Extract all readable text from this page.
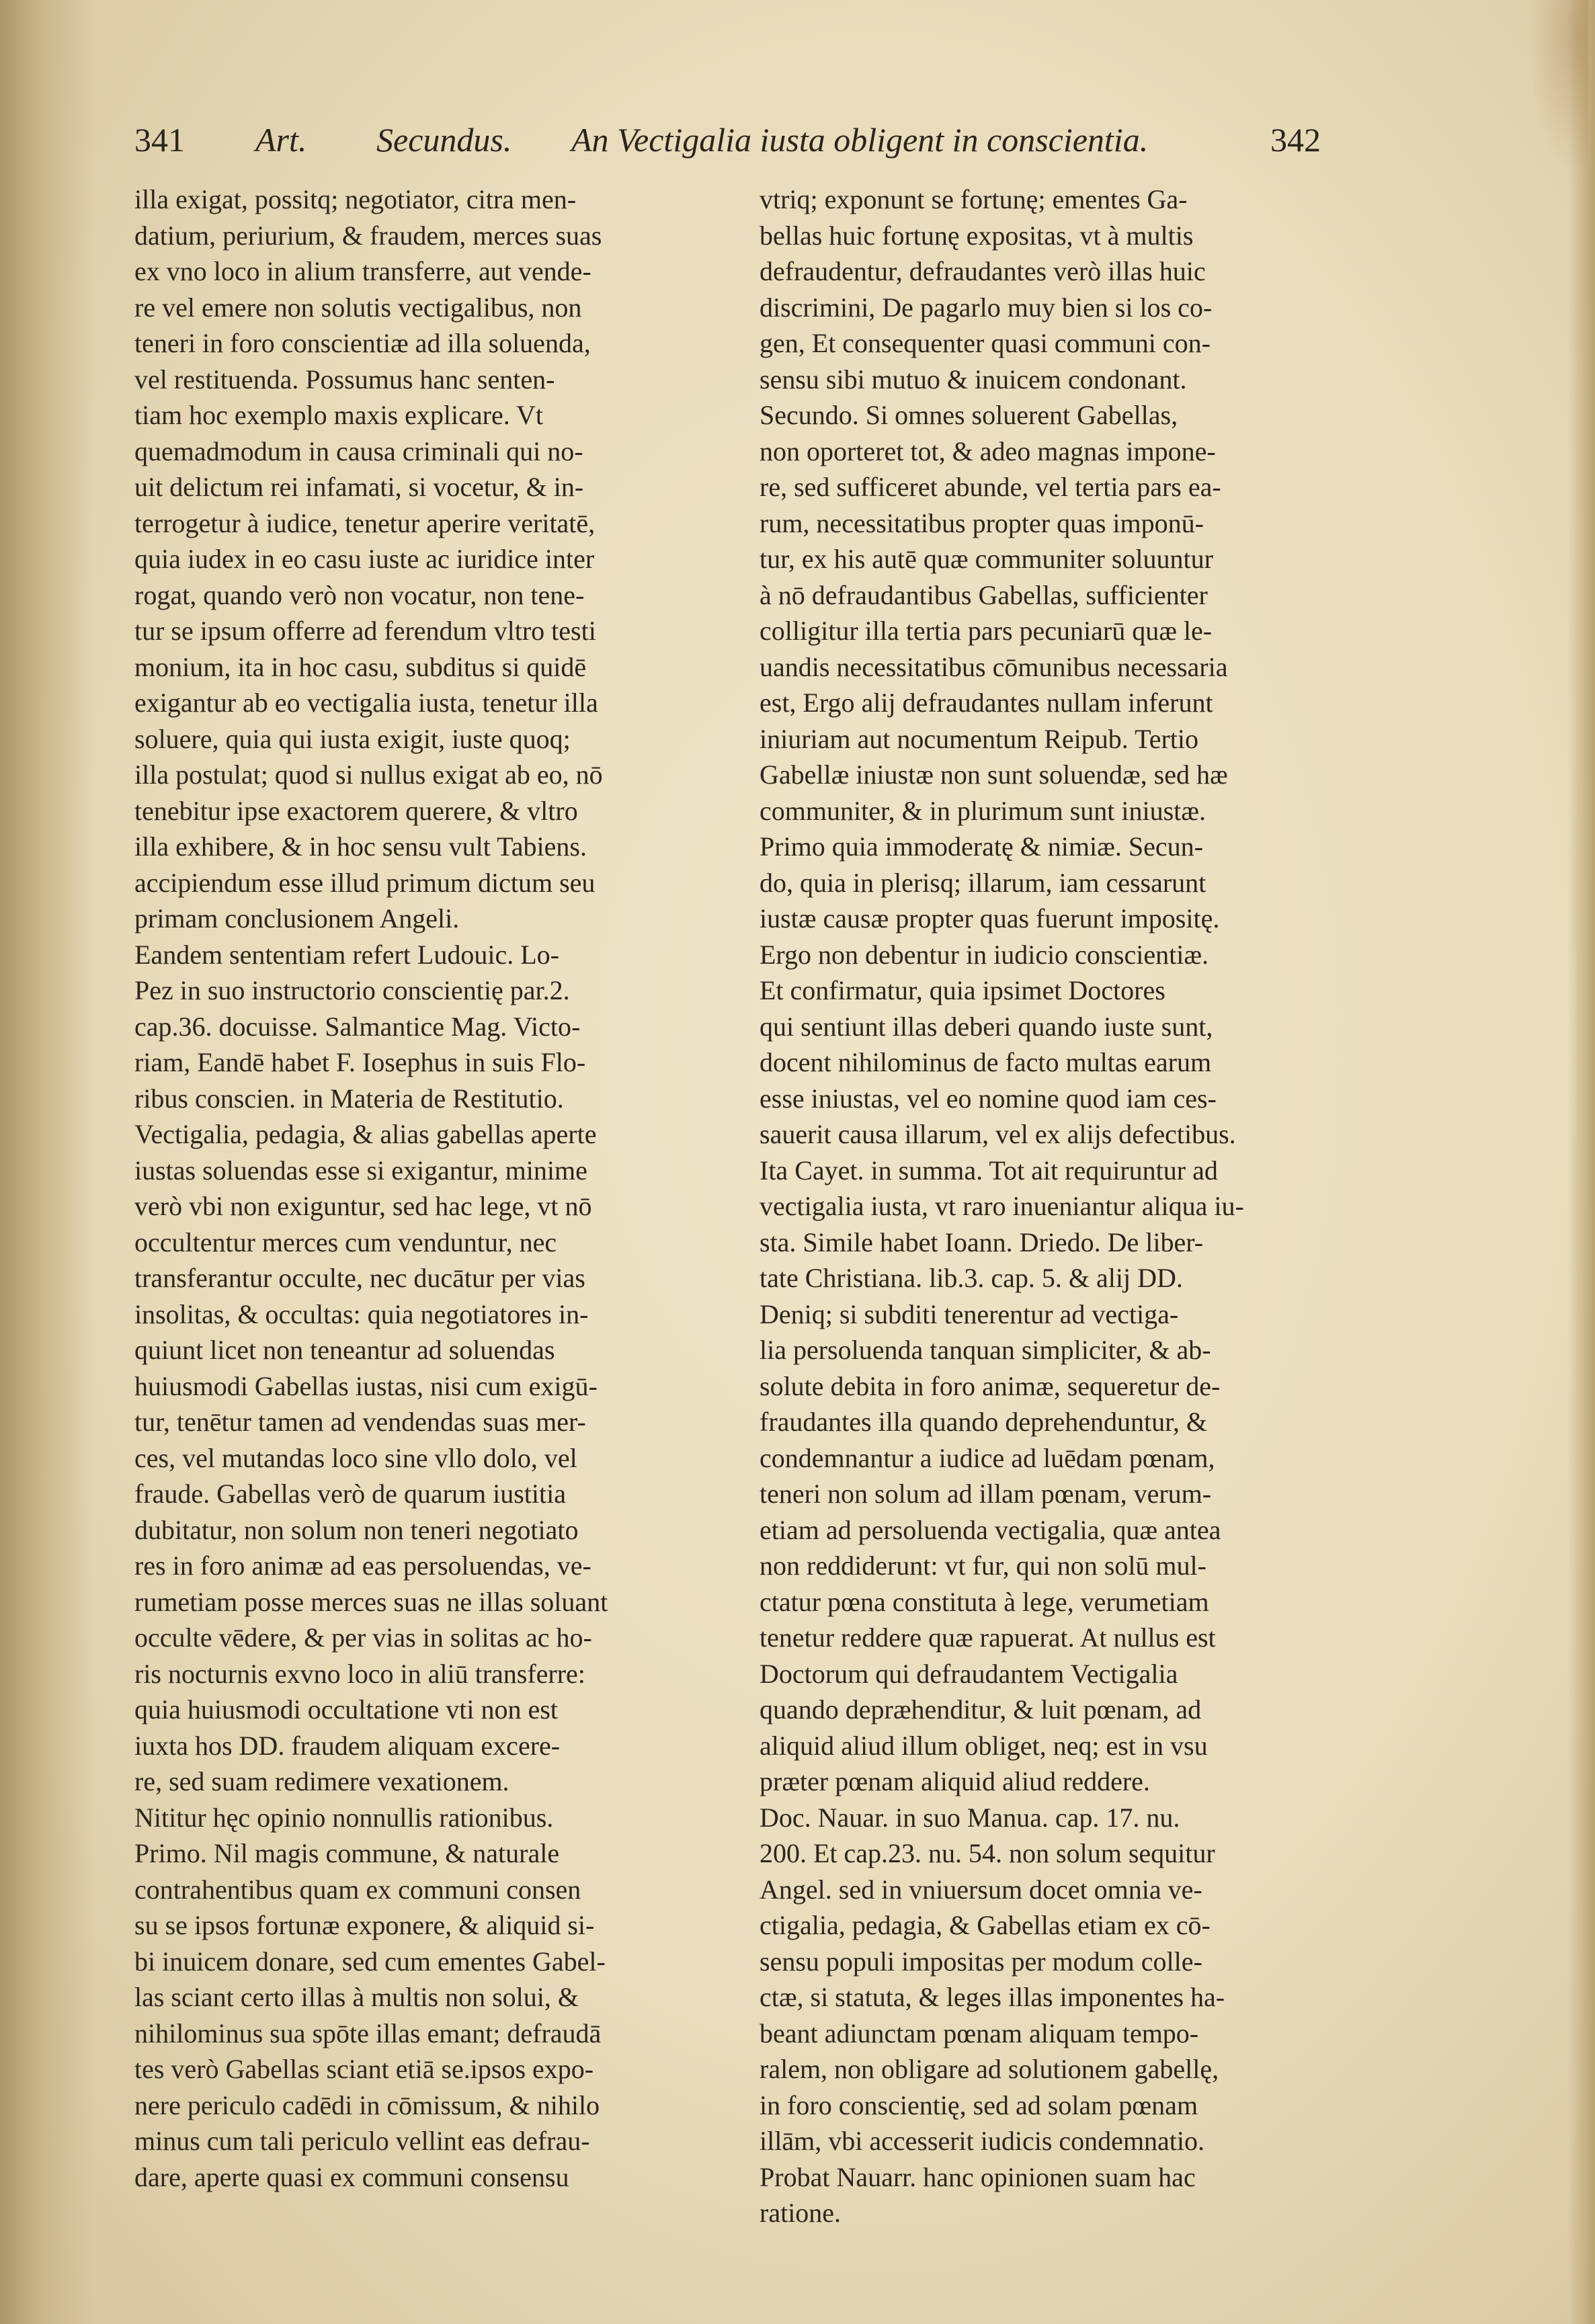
341 Art. Secundus. An Vectigalia iusta obligent in conscientia.	342
illa exigat, possitq; negotiator, citra men-
datium, periurium, & fraudem, merces suas
ex vno loco in alium transferre, aut vende-
re vel emere non solutis vectigalibus, non
teneri in foro conscientiæ ad illa soluenda,
vel restituenda. Possumus hanc senten-
tiam hoc exemplo maxis explicare. Vt
quemadmodum in causa criminali qui no-
uit delictum rei infamati, si vocetur, & in-
terrogetur à iudice, tenetur aperire veritatē,
quia iudex in eo casu iuste ac iuridice inter
rogat, quando verò non vocatur, non tene-
tur se ipsum offerre ad ferendum vltro testi
monium, ita in hoc casu, subditus si quidē
exigantur ab eo vectigalia iusta, tenetur illa
soluere, quia qui iusta exigit, iuste quoq;
illa postulat; quod si nullus exigat ab eo, nō
tenebitur ipse exactorem querere, & vltro
illa exhibere, & in hoc sensu vult Tabiens.
accipiendum esse illud primum dictum seu
primam conclusionem Angeli.
Eandem sententiam refert Ludouic. Lo-
Pez in suo instructorio conscientię par.2.
cap.36. docuisse. Salmantice Mag. Victo-
riam, Eandē habet F. Iosephus in suis Flo-
ribus conscien. in Materia de Restitutio.
Vectigalia, pedagia, & alias gabellas aperte
iustas soluendas esse si exigantur, minime
verò vbi non exiguntur, sed hac lege, vt nō
occultentur merces cum venduntur, nec
transferantur occulte, nec ducātur per vias
insolitas, & occultas: quia negotiatores in-
quiunt licet non teneantur ad soluendas
huiusmodi Gabellas iustas, nisi cum exigū-
tur, tenētur tamen ad vendendas suas mer-
ces, vel mutandas loco sine vllo dolo, vel
fraude. Gabellas verò de quarum iustitia
dubitatur, non solum non teneri negotiato
res in foro animæ ad eas persoluendas, ve-
rumetiam posse merces suas ne illas soluant
occulte vēdere, & per vias in solitas ac ho-
ris nocturnis exvno loco in aliū transferre:
quia huiusmodi occultatione vti non est
iuxta hos DD. fraudem aliquam excere-
re, sed suam redimere vexationem.
Nititur hęc opinio nonnullis rationibus.
Primo. Nil magis commune, & naturale
contrahentibus quam ex communi consen
su se ipsos fortunæ exponere, & aliquid si-
bi inuicem donare, sed cum ementes Gabel-
las sciant certo illas à multis non solui, &
nihilominus sua spōte illas emant; defraudā
tes verò Gabellas sciant etiā se.ipsos expo-
nere periculo cadēdi in cōmissum, & nihilo
minus cum tali periculo vellint eas defrau-
dare, aperte quasi ex communi consensu
vtriq; exponunt se fortunę; ementes Ga-
bellas huic fortunę expositas, vt à multis
defraudentur, defraudantes verò illas huic
discrimini, De pagarlo muy bien si los co-
gen, Et consequenter quasi communi con-
sensu sibi mutuo & inuicem condonant.
Secundo. Si omnes soluerent Gabellas,
non oporteret tot, & adeo magnas impone-
re, sed sufficeret abunde, vel tertia pars ea-
rum, necessitatibus propter quas imponū-
tur, ex his autē quæ communiter soluuntur
à nō defraudantibus Gabellas, sufficienter
colligitur illa tertia pars pecuniarū quæ le-
uandis necessitatibus cōmunibus necessaria
est, Ergo alij defraudantes nullam inferunt
iniuriam aut nocumentum Reipub. Tertio
Gabellæ iniustæ non sunt soluendæ, sed hæ
communiter, & in plurimum sunt iniustæ.
Primo quia immoderatę & nimiæ. Secun-
do, quia in plerisq; illarum, iam cessarunt
iustæ causæ propter quas fuerunt impositę.
Ergo non debentur in iudicio conscientiæ.
Et confirmatur, quia ipsimet Doctores
qui sentiunt illas deberi quando iuste sunt,
docent nihilominus de facto multas earum
esse iniustas, vel eo nomine quod iam ces-
sauerit causa illarum, vel ex alijs defectibus.
Ita Cayet. in summa. Tot ait requiruntur ad
vectigalia iusta, vt raro inueniantur aliqua iu-
sta. Simile habet Ioann. Driedo. De liber-
tate Christiana. lib.3. cap. 5. & alij DD.
Deniq; si subditi tenerentur ad vectiga-
lia persoluenda tanquan simpliciter, & ab-
solute debita in foro animæ, sequeretur de-
fraudantes illa quando deprehenduntur, &
condemnantur a iudice ad luēdam pœnam,
teneri non solum ad illam pœnam, verum-
etiam ad persoluenda vectigalia, quæ antea
non reddiderunt: vt fur, qui non solū mul-
ctatur pœna constituta à lege, verumetiam
tenetur reddere quæ rapuerat. At nullus est
Doctorum qui defraudantem Vectigalia
quando depræhenditur, & luit pœnam, ad
aliquid aliud illum obliget, neq; est in vsu
præter pœnam aliquid aliud reddere.
Doc. Nauar. in suo Manua. cap. 17. nu.
200. Et cap.23. nu. 54. non solum sequitur
Angel. sed in vniuersum docet omnia ve-
ctigalia, pedagia, & Gabellas etiam ex cō-
sensu populi impositas per modum colle-
ctæ, si statuta, & leges illas imponentes ha-
beant adiunctam pœnam aliquam tempo-
ralem, non obligare ad solutionem gabellę,
in foro conscientię, sed ad solam pœnam
illām, vbi accesserit iudicis condemnatio.
Probat Nauarr. hanc opinionen suam hac
ratione.
